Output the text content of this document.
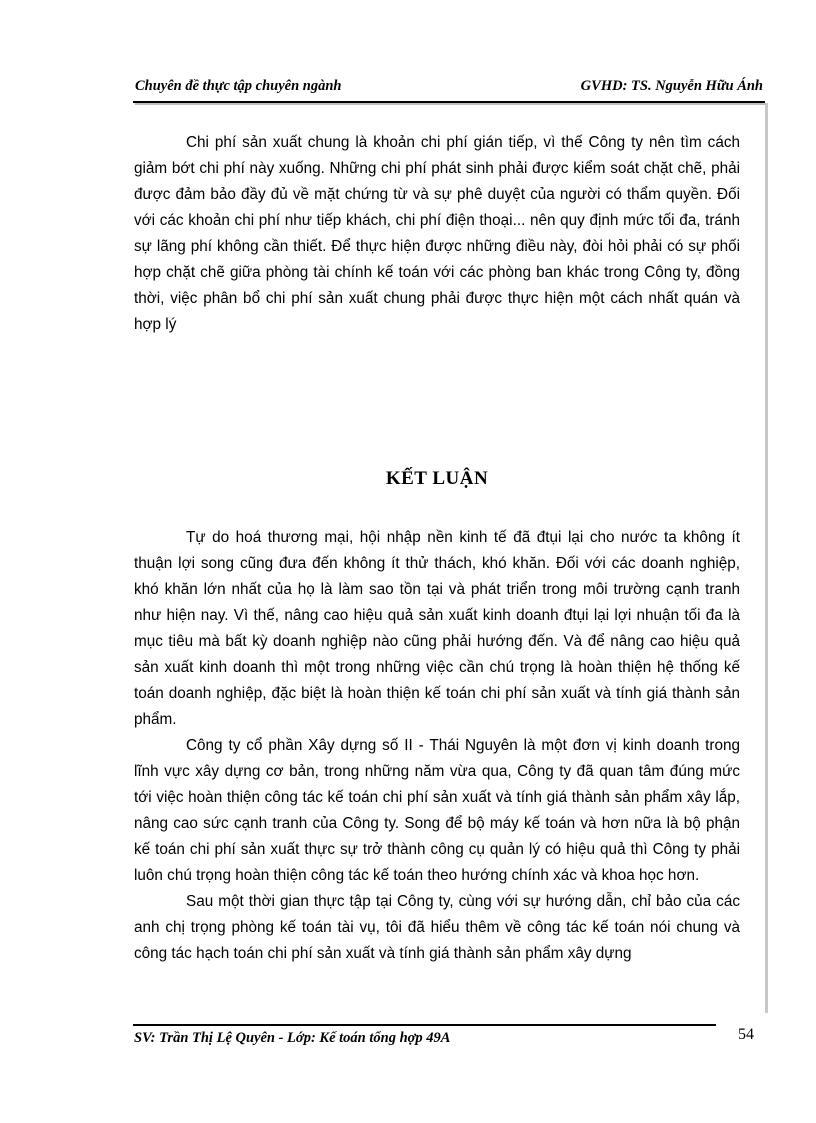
Chuyên đề thực tập chuyên ngành	GVHD: TS. Nguyễn Hữu Ánh

Chi phí sản xuất chung là khoản chi phí gián tiếp, vì thế Công ty nên tìm cách giảm bớt chi phí này xuống. Những chi phí phát sinh phải được kiểm soát chặt chẽ, phải được đảm bảo đầy đủ về mặt chứng từ và sự phê duyệt của người có thẩm quyền. Đối với các khoản chi phí như tiếp khách, chi phí điện thoại... nên quy định mức tối đa, tránh sự lãng phí không cần thiết. Để thực hiện được những điều này, đòi hỏi phải có sự phối hợp chặt chẽ giữa phòng tài chính kế toán với các phòng ban khác trong Công ty, đồng thời, việc phân bổ chi phí sản xuất chung phải được thực hiện một cách nhất quán và hợp lý

KẾT LUẬN

Tự do hoá thương mại, hội nhập nền kinh tế đã đtụi lại cho nước ta không ít thuận lợi song cũng đưa đến không ít thử thách, khó khăn. Đối với các doanh nghiệp, khó khăn lớn nhất của họ là làm sao tồn tại và phát triển trong môi trường cạnh tranh như hiện nay. Vì thế, nâng cao hiệu quả sản xuất kinh doanh đtụi lại lợi nhuận tối đa là mục tiêu mà bất kỳ doanh nghiệp nào cũng phải hướng đến. Và để nâng cao hiệu quả sản xuất kinh doanh thì một trong những việc cần chú trọng là hoàn thiện hệ thống kế toán doanh nghiệp, đặc biệt là hoàn thiện kế toán chi phí sản xuất và tính giá thành sản phẩm.

Công ty cổ phần Xây dựng số II - Thái Nguyên là một đơn vị kinh doanh trong lĩnh vực xây dựng cơ bản, trong những năm vừa qua, Công ty đã quan tâm đúng mức tới việc hoàn thiện công tác kế toán chi phí sản xuất và tính giá thành sản phẩm xây lắp, nâng cao sức cạnh tranh của Công ty. Song để bộ máy kế toán và hơn nữa là bộ phận kế toán chi phí sản xuất thực sự trở thành công cụ quản lý có hiệu quả thì Công ty phải luôn chú trọng hoàn thiện công tác kế toán theo hướng chính xác và khoa học hơn.

Sau một thời gian thực tập tại Công ty, cùng với sự hướng dẫn, chỉ bảo của các anh chị trọng phòng kế toán tài vụ, tôi đã hiểu thêm về công tác kế toán nói chung và công tác hạch toán chi phí sản xuất và tính giá thành sản phẩm xây dựng

SV: Trần Thị Lệ Quyên - Lớp: Kế toán tổng hợp 49A	54
